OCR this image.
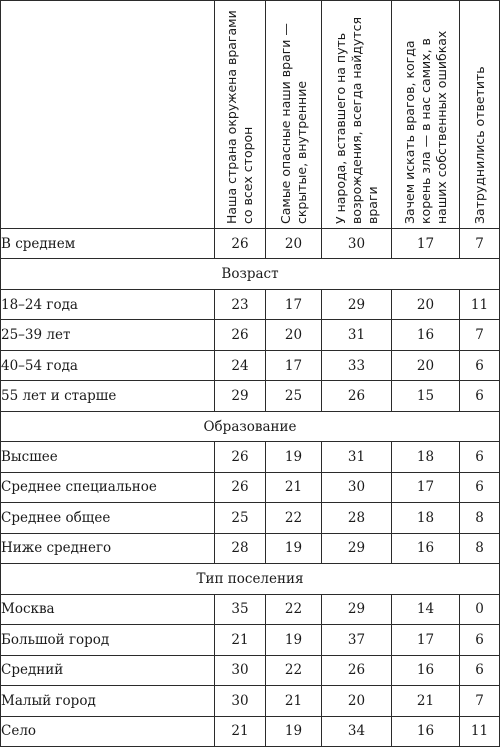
	Наша страна окружена врагами со всех сторон	Самые опасные наши враги — скрытые, внутренние	У народа, вставшего на путь возрождения, всегда найдутся враги	Зачем искать врагов, когда корень зла — в нас самих, в наших собственных ошибках	Затруднились ответить

В среднем	26	20	30	17	7
Возраст					
18–24 года	23	17	29	20	11
25–39 лет	26	20	31	16	7
40–54 года	24	17	33	20	6
55 лет и старше	29	25	26	15	6
Образование					
Высшее	26	19	31	18	6
Среднее специальное	26	21	30	17	6
Среднее общее	25	22	28	18	8
Ниже среднего	28	19	29	16	8
Тип поселения					
Москва	35	22	29	14	0
Большой город	21	19	37	17	6
Средний	30	22	26	16	6
Малый город	30	21	20	21	7
Село	21	19	34	16	11
